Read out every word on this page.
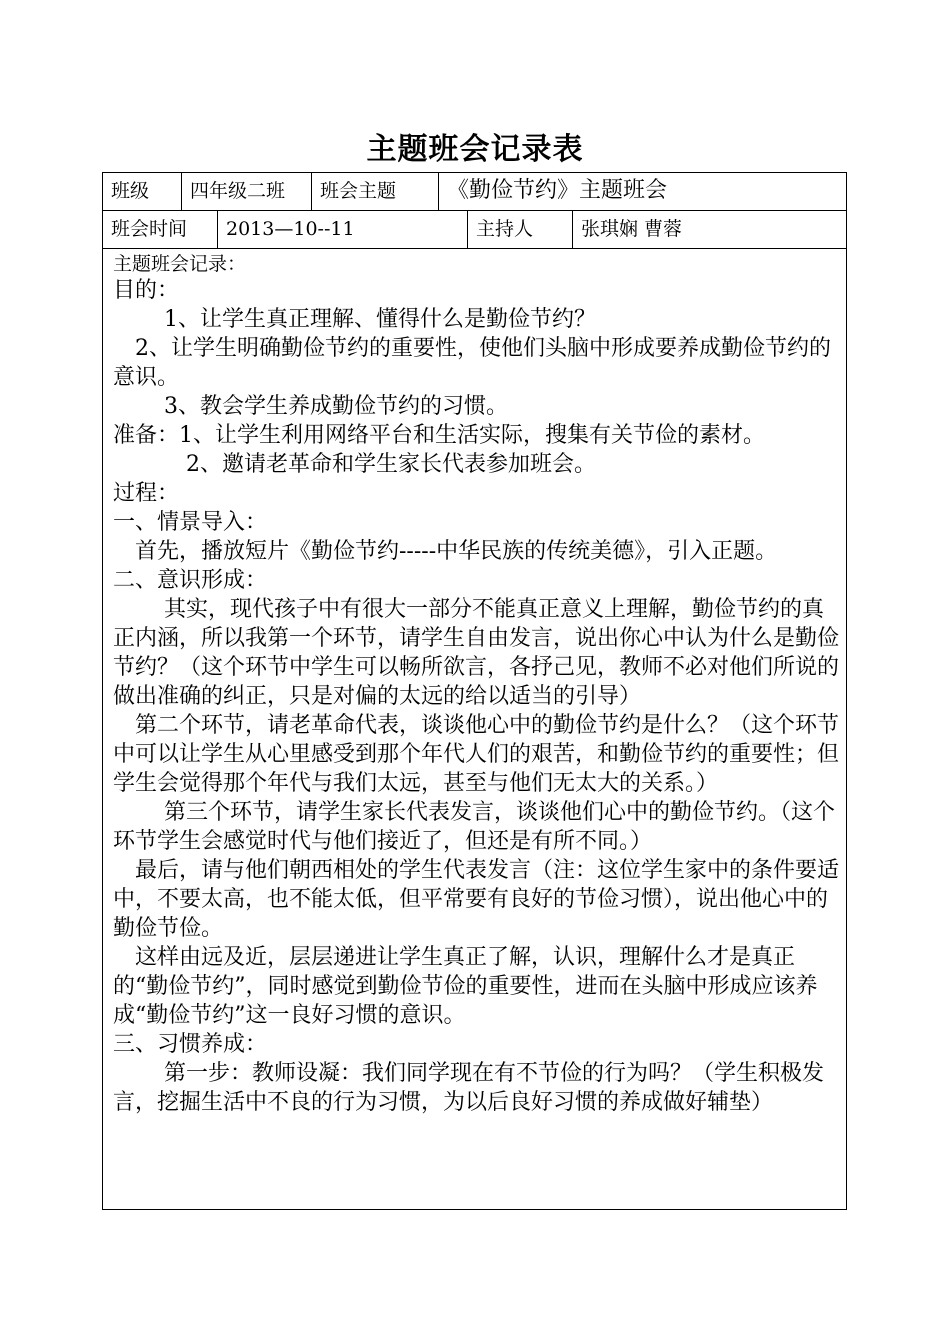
主题班会记录表
班级	四年级二班	班会主题	《勤俭节约》主题班会
班会时间	2013—10--11	主持人	张琪娴 曹蓉

主题班会记录：

目的：

　　 1、让学生真正理解、懂得什么是勤俭节约？

　2、让学生明确勤俭节约的重要性，使他们头脑中形成要养成勤俭节约的意识。

　　 3、教会学生养成勤俭节约的习惯。

准备：1、让学生利用网络平台和生活实际，搜集有关节俭的素材。

　　　 2、邀请老革命和学生家长代表参加班会。

过程：

一、情景导入：

　首先，播放短片《勤俭节约-----中华民族的传统美德》，引入正题。

二、意识形成：

　　 其实，现代孩子中有很大一部分不能真正意义上理解，勤俭节约的真正内涵，所以我第一个环节，请学生自由发言，说出你心中认为什么是勤俭节约？（这个环节中学生可以畅所欲言，各抒己见，教师不必对他们所说的做出准确的纠正，只是对偏的太远的给以适当的引导）

　第二个环节，请老革命代表，谈谈他心中的勤俭节约是什么？（这个环节中可以让学生从心里感受到那个年代人们的艰苦，和勤俭节约的重要性；但学生会觉得那个年代与我们太远，甚至与他们无太大的关系。）

　　 第三个环节，请学生家长代表发言，谈谈他们心中的勤俭节约。（这个环节学生会感觉时代与他们接近了，但还是有所不同。）

　最后，请与他们朝西相处的学生代表发言（注：这位学生家中的条件要适中，不要太高，也不能太低，但平常要有良好的节俭习惯），说出他心中的勤俭节俭。

　这样由远及近，层层递进让学生真正了解，认识，理解什么才是真正的“勤俭节约”，同时感觉到勤俭节俭的重要性，进而在头脑中形成应该养成“勤俭节约”这一良好习惯的意识。

三、习惯养成：

　　 第一步：教师设凝：我们同学现在有不节俭的行为吗？（学生积极发言，挖掘生活中不良的行为习惯，为以后良好习惯的养成做好辅垫）
